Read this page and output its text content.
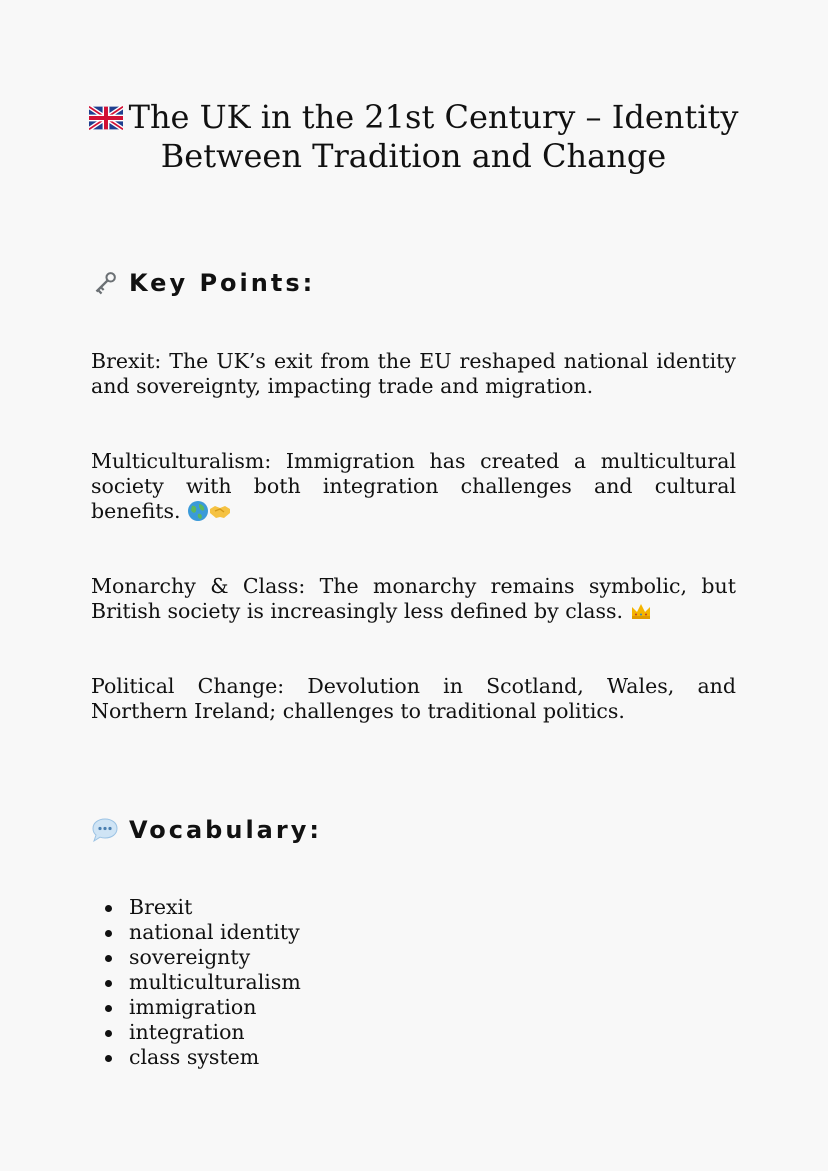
The UK in the 21st Century – Identity Between Tradition and Change
Key Points:

Brexit: The UK’s exit from the EU reshaped national identity and sovereignty, impacting trade and migration.

Multiculturalism: Immigration has created a multicultural society with both integration challenges and cultural benefits.

Monarchy & Class: The monarchy remains symbolic, but British society is increasingly less defined by class.

Political Change: Devolution in Scotland, Wales, and Northern Ireland; challenges to traditional politics.

Vocabulary:
Brexit
national identity
sovereignty
multiculturalism
immigration
integration
class system
